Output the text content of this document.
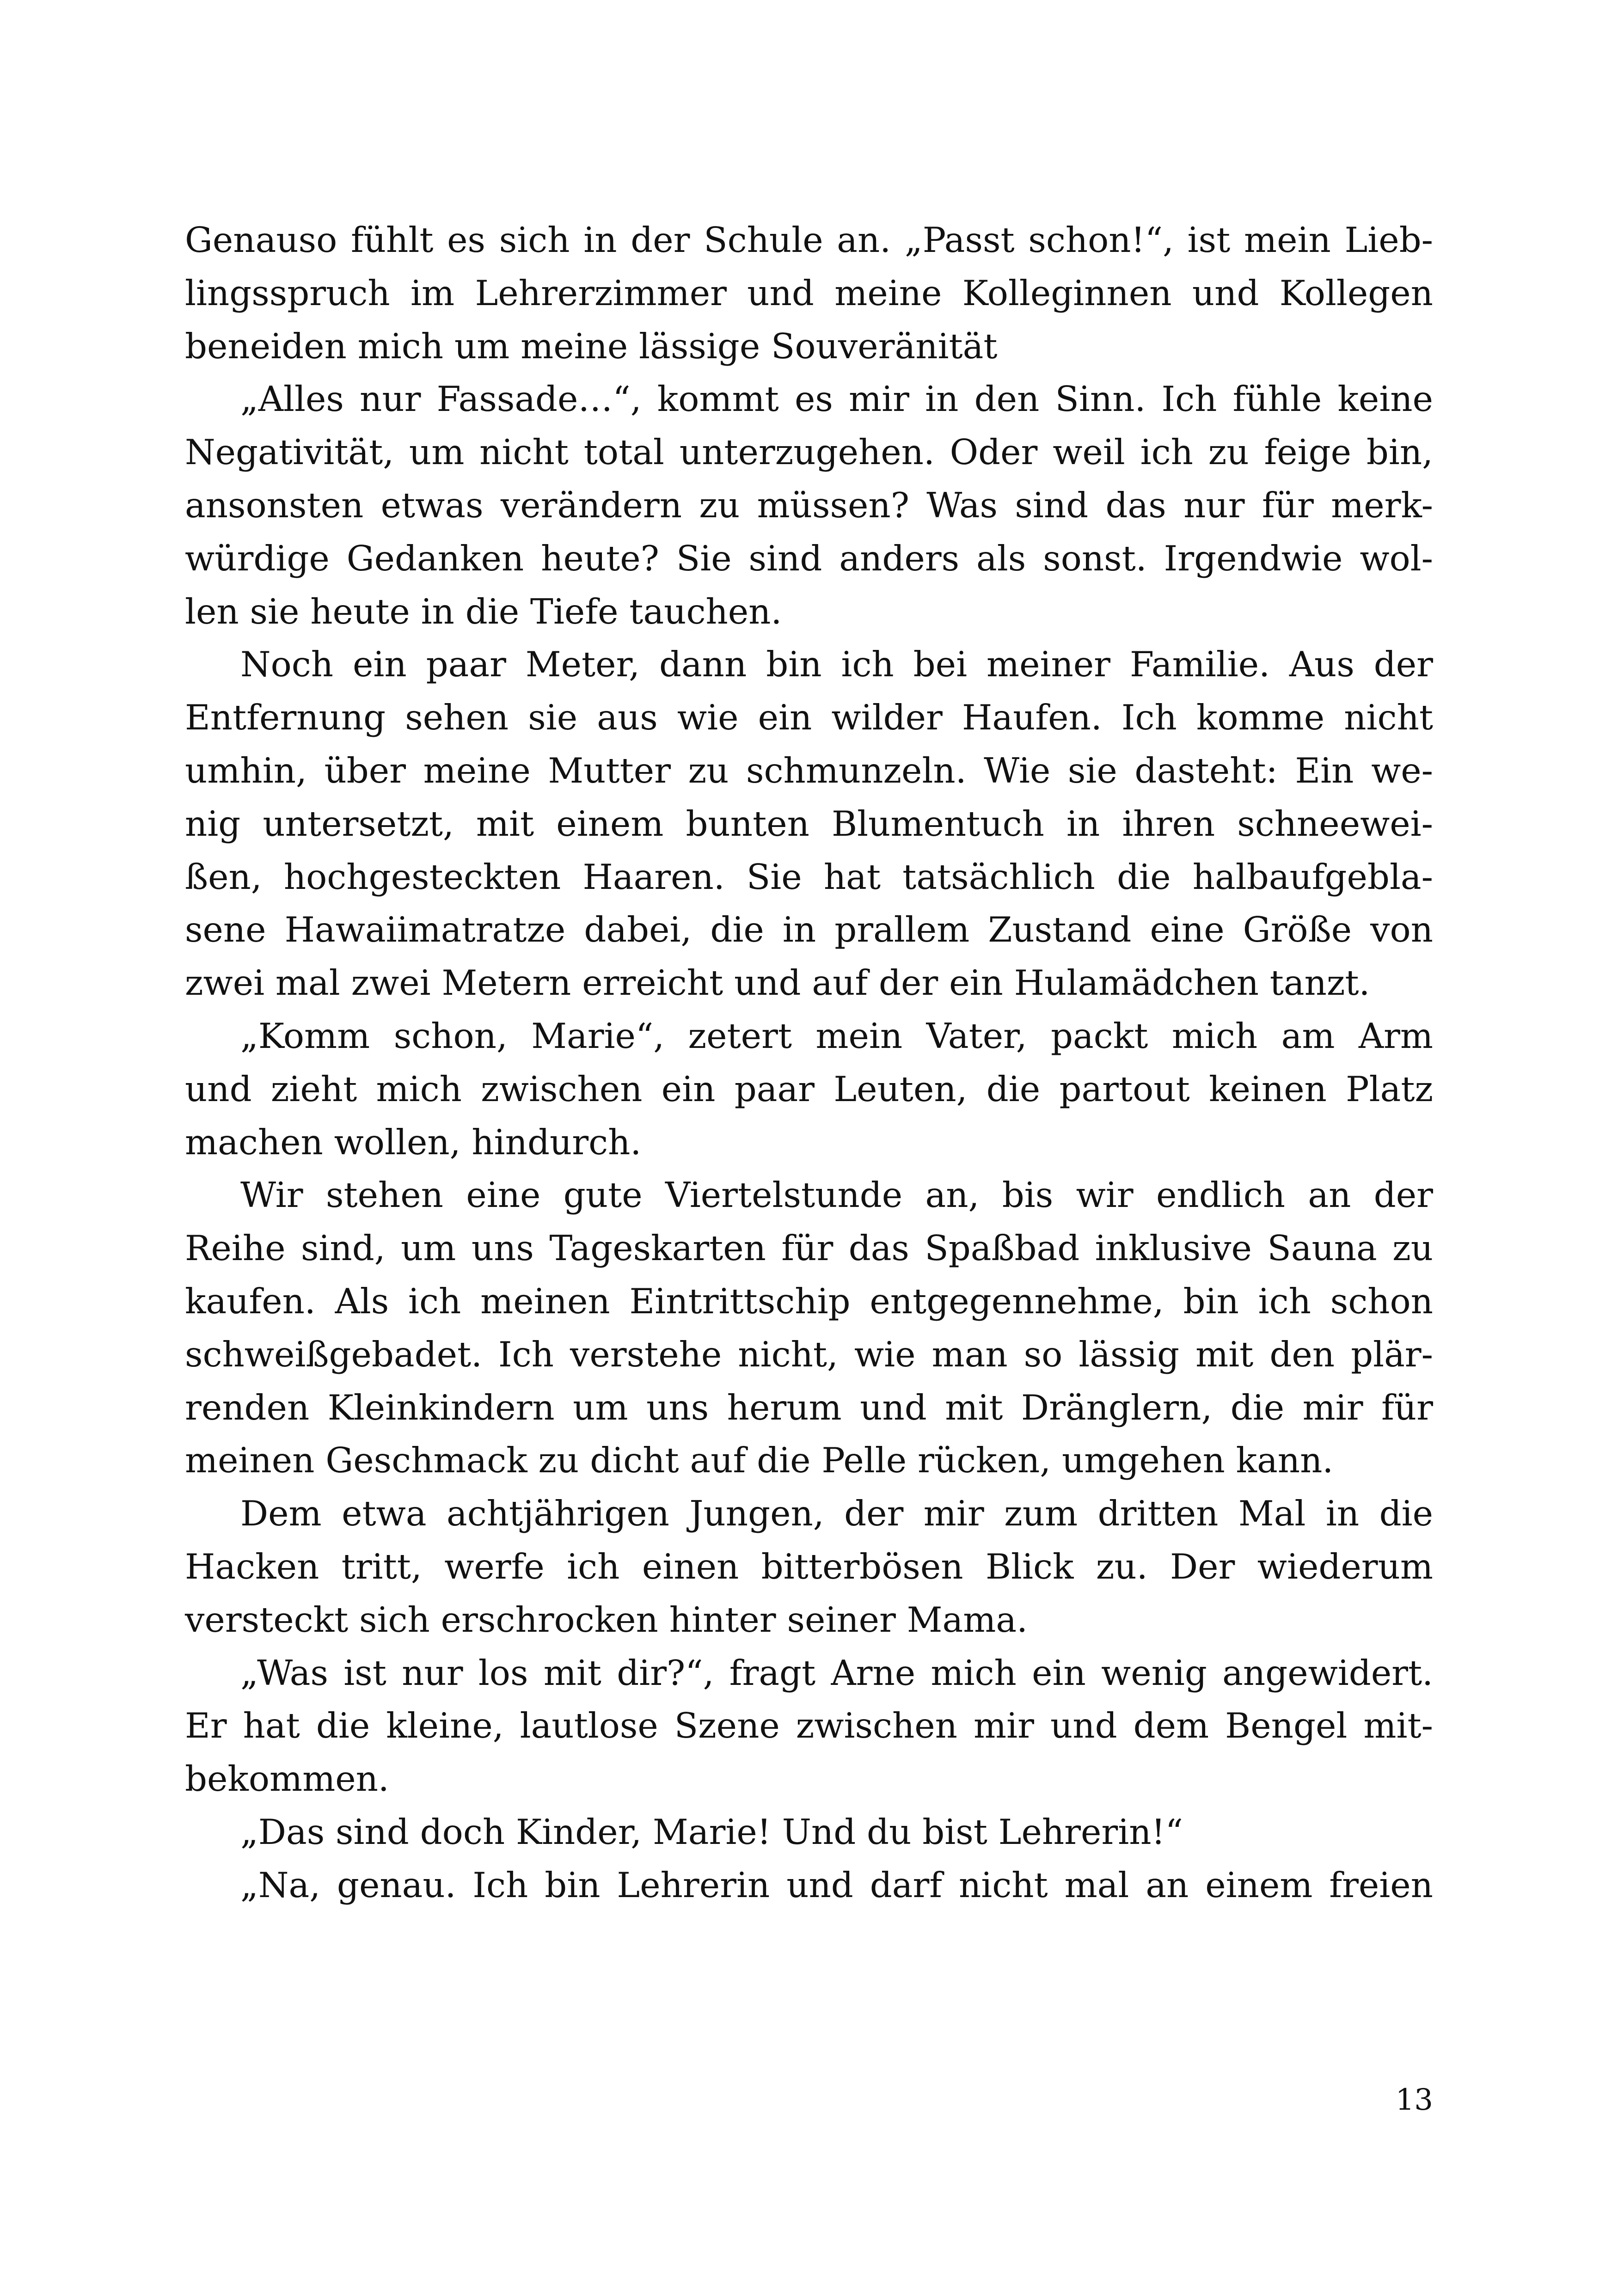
Genauso fühlt es sich in der Schule an. „Passt schon!“, ist mein Lieb-
lingsspruch im Lehrerzimmer und meine Kolleginnen und Kollegen
beneiden mich um meine lässige Souveränität
„Alles nur Fassade…“, kommt es mir in den Sinn. Ich fühle keine
Negativität, um nicht total unterzugehen. Oder weil ich zu feige bin,
ansonsten etwas verändern zu müssen? Was sind das nur für merk-
würdige Gedanken heute? Sie sind anders als sonst. Irgendwie wol-
len sie heute in die Tiefe tauchen.
Noch ein paar Meter, dann bin ich bei meiner Familie. Aus der
Entfernung sehen sie aus wie ein wilder Haufen. Ich komme nicht
umhin, über meine Mutter zu schmunzeln. Wie sie dasteht: Ein we-
nig untersetzt, mit einem bunten Blumentuch in ihren schneewei-
ßen, hochgesteckten Haaren. Sie hat tatsächlich die halbaufgebla-
sene Hawaiimatratze dabei, die in prallem Zustand eine Größe von
zwei mal zwei Metern erreicht und auf der ein Hulamädchen tanzt.
„Komm schon, Marie“, zetert mein Vater, packt mich am Arm
und zieht mich zwischen ein paar Leuten, die partout keinen Platz
machen wollen, hindurch.
Wir stehen eine gute Viertelstunde an, bis wir endlich an der
Reihe sind, um uns Tageskarten für das Spaßbad inklusive Sauna zu
kaufen. Als ich meinen Eintrittschip entgegennehme, bin ich schon
schweißgebadet. Ich verstehe nicht, wie man so lässig mit den plär-
renden Kleinkindern um uns herum und mit Dränglern, die mir für
meinen Geschmack zu dicht auf die Pelle rücken, umgehen kann.
Dem etwa achtjährigen Jungen, der mir zum dritten Mal in die
Hacken tritt, werfe ich einen bitterbösen Blick zu. Der wiederum
versteckt sich erschrocken hinter seiner Mama.
„Was ist nur los mit dir?“, fragt Arne mich ein wenig angewidert.
Er hat die kleine, lautlose Szene zwischen mir und dem Bengel mit-
bekommen.
„Das sind doch Kinder, Marie! Und du bist Lehrerin!“
„Na, genau. Ich bin Lehrerin und darf nicht mal an einem freien
13
